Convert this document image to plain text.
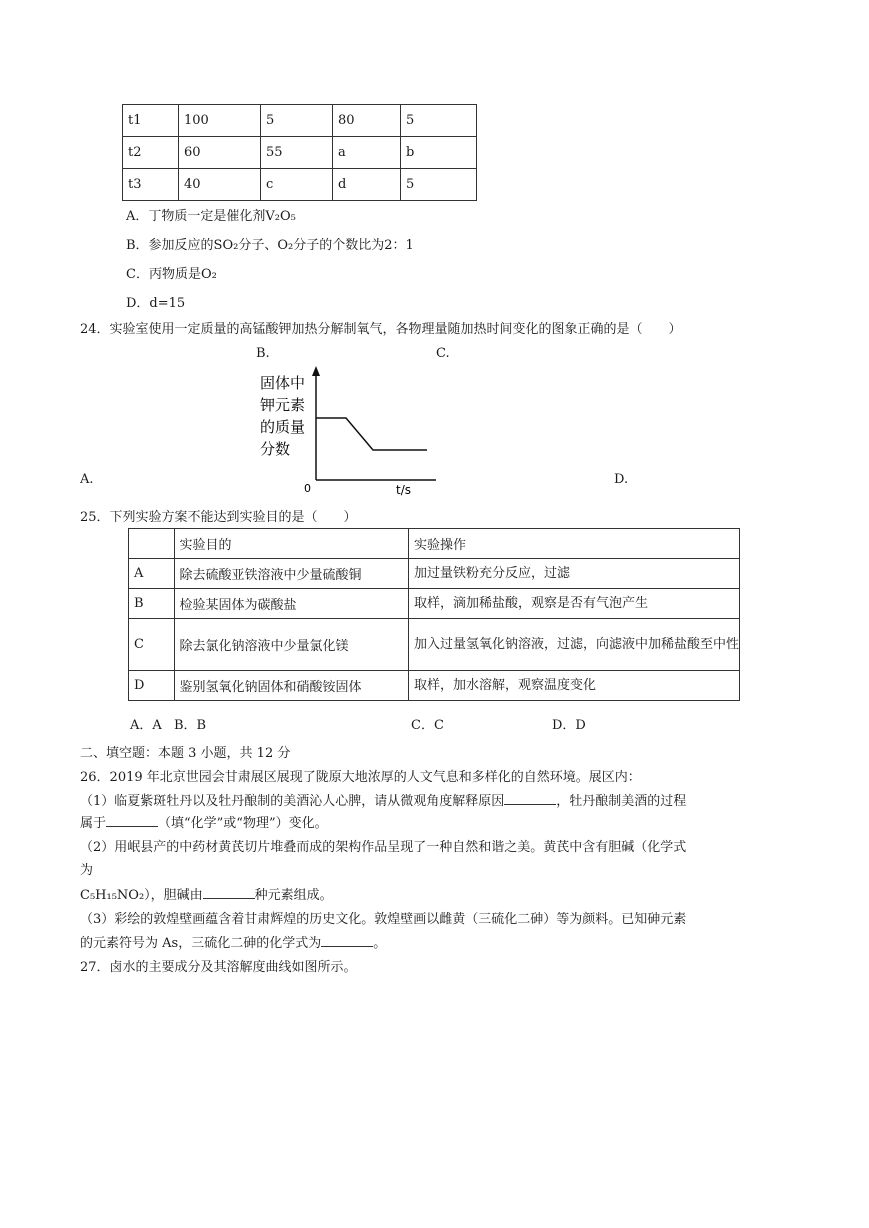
t1	100	5	80	5
t2	60	55	a	b
t3	40	c	d	5
A．丁物质一定是催化剂V₂O₅
B．参加反应的SO₂分子、O₂分子的个数比为2：1
C．丙物质是O₂
D．d=15
24．实验室使用一定质量的高锰酸钾加热分解制氧气，各物理量随加热时间变化的图象正确的是（　　）
B.	C.
A.	D.
固体中
钾元素
的质量
分数
0	t/s
25．下列实验方案不能达到实验目的是（　　）
	实验目的	实验操作
A	除去硫酸亚铁溶液中少量硫酸铜	加过量铁粉充分反应，过滤
B	检验某固体为碳酸盐	取样，滴加稀盐酸，观察是否有气泡产生
C	除去氯化钠溶液中少量氯化镁	加入过量氢氧化钠溶液，过滤，向滤液中加稀盐酸至中性
D	鉴别氢氧化钠固体和硝酸铵固体	取样，加水溶解，观察温度变化
A．A B．B	C．C	D．D
二、填空题：本题 3 小题，共 12 分
26．2019 年北京世园会甘肃展区展现了陇原大地浓厚的人文气息和多样化的自然环境。展区内：
（1）临夏紫斑牡丹以及牡丹酿制的美酒沁人心脾，请从微观角度解释原因	，牡丹酿制美酒的过程
属于	（填“化学”或“物理”）变化。
（2）用岷县产的中药材黄芪切片堆叠而成的架构作品呈现了一种自然和谐之美。黄芪中含有胆碱（化学式
为
C₅H₁₅NO₂），胆碱由	种元素组成。
（3）彩绘的敦煌壁画蕴含着甘肃辉煌的历史文化。敦煌壁画以雌黄（三硫化二砷）等为颜料。已知砷元素
的元素符号为 As，三硫化二砷的化学式为	。
27．卤水的主要成分及其溶解度曲线如图所示。
